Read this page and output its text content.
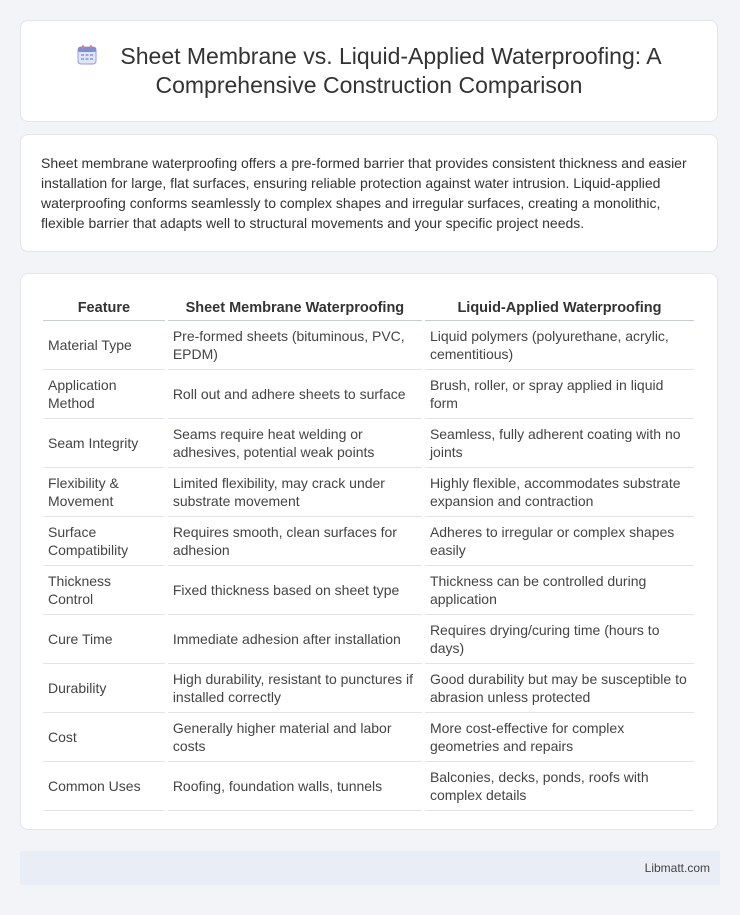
Sheet Membrane vs. Liquid-Applied Waterproofing: A Comprehensive Construction Comparison

Sheet membrane waterproofing offers a pre-formed barrier that provides consistent thickness and easier installation for large, flat surfaces, ensuring reliable protection against water intrusion. Liquid-applied waterproofing conforms seamlessly to complex shapes and irregular surfaces, creating a monolithic, flexible barrier that adapts well to structural movements and your specific project needs.

Feature	Sheet Membrane Waterproofing	Liquid-Applied Waterproofing
Material Type	Pre-formed sheets (bituminous, PVC, EPDM)	Liquid polymers (polyurethane, acrylic, cementitious)
Application Method	Roll out and adhere sheets to surface	Brush, roller, or spray applied in liquid form
Seam Integrity	Seams require heat welding or adhesives, potential weak points	Seamless, fully adherent coating with no joints
Flexibility & Movement	Limited flexibility, may crack under substrate movement	Highly flexible, accommodates substrate expansion and contraction
Surface Compatibility	Requires smooth, clean surfaces for adhesion	Adheres to irregular or complex shapes easily
Thickness Control	Fixed thickness based on sheet type	Thickness can be controlled during application
Cure Time	Immediate adhesion after installation	Requires drying/curing time (hours to days)
Durability	High durability, resistant to punctures if installed correctly	Good durability but may be susceptible to abrasion unless protected
Cost	Generally higher material and labor costs	More cost-effective for complex geometries and repairs
Common Uses	Roofing, foundation walls, tunnels	Balconies, decks, ponds, roofs with complex details
Libmatt.com
